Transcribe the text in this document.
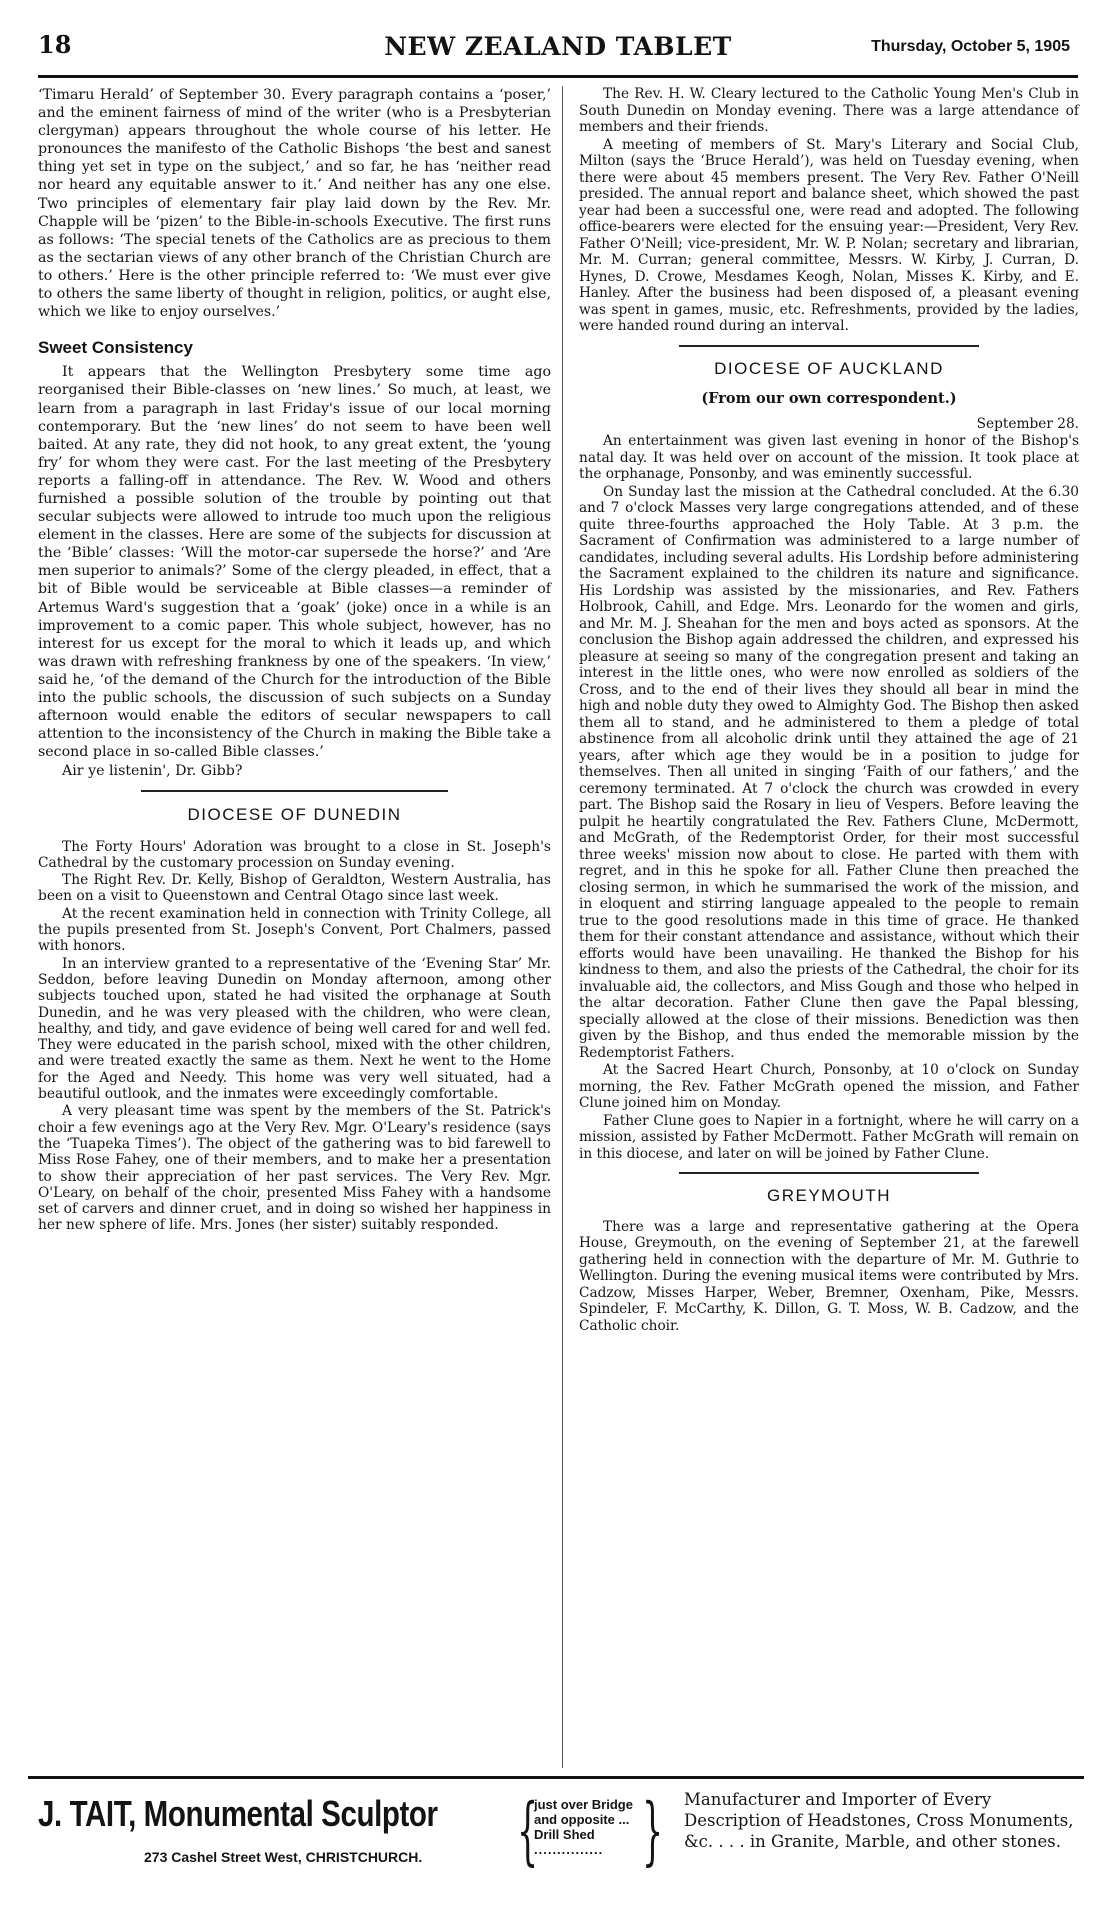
18	NEW ZEALAND TABLET	Thursday, October 5, 1905

‘Timaru Herald’ of September 30. Every paragraph contains a ‘poser,’ and the eminent fairness of mind of the writer (who is a Presbyterian clergyman) appears throughout the whole course of his letter. He pronounces the manifesto of the Catholic Bishops ‘the best and sanest thing yet set in type on the subject,’ and so far, he has ‘neither read nor heard any equitable answer to it.’ And neither has any one else. Two principles of elementary fair play laid down by the Rev. Mr. Chapple will be ‘pizen’ to the Bible-in-schools Executive. The first runs as follows: ‘The special tenets of the Catholics are as precious to them as the sectarian views of any other branch of the Christian Church are to others.’ Here is the other principle referred to: ‘We must ever give to others the same liberty of thought in religion, politics, or aught else, which we like to enjoy ourselves.’

Sweet Consistency

It appears that the Wellington Presbytery some time ago reorganised their Bible-classes on ‘new lines.’ So much, at least, we learn from a paragraph in last Friday's issue of our local morning contemporary. But the ‘new lines’ do not seem to have been well baited. At any rate, they did not hook, to any great extent, the ‘young fry’ for whom they were cast. For the last meeting of the Presbytery reports a falling-off in attendance. The Rev. W. Wood and others furnished a possible solution of the trouble by pointing out that secular subjects were allowed to intrude too much upon the religious element in the classes. Here are some of the subjects for discussion at the ‘Bible’ classes: ‘Will the motor-car supersede the horse?’ and ‘Are men superior to animals?’ Some of the clergy pleaded, in effect, that a bit of Bible would be serviceable at Bible classes—a reminder of Artemus Ward's suggestion that a ‘goak’ (joke) once in a while is an improvement to a comic paper. This whole subject, however, has no interest for us except for the moral to which it leads up, and which was drawn with refreshing frankness by one of the speakers. ‘In view,’ said he, ‘of the demand of the Church for the introduction of the Bible into the public schools, the discussion of such subjects on a Sunday afternoon would enable the editors of secular newspapers to call attention to the inconsistency of the Church in making the Bible take a second place in so-called Bible classes.’

Air ye listenin', Dr. Gibb?

DIOCESE OF DUNEDIN

The Forty Hours' Adoration was brought to a close in St. Joseph's Cathedral by the customary procession on Sunday evening.

The Right Rev. Dr. Kelly, Bishop of Geraldton, Western Australia, has been on a visit to Queenstown and Central Otago since last week.

At the recent examination held in connection with Trinity College, all the pupils presented from St. Joseph's Convent, Port Chalmers, passed with honors.

In an interview granted to a representative of the ‘Evening Star’ Mr. Seddon, before leaving Dunedin on Monday afternoon, among other subjects touched upon, stated he had visited the orphanage at South Dunedin, and he was very pleased with the children, who were clean, healthy, and tidy, and gave evidence of being well cared for and well fed. They were educated in the parish school, mixed with the other children, and were treated exactly the same as them. Next he went to the Home for the Aged and Needy. This home was very well situated, had a beautiful outlook, and the inmates were exceedingly comfortable.

A very pleasant time was spent by the members of the St. Patrick's choir a few evenings ago at the Very Rev. Mgr. O'Leary's residence (says the ‘Tuapeka Times’). The object of the gathering was to bid farewell to Miss Rose Fahey, one of their members, and to make her a presentation to show their appreciation of her past services. The Very Rev. Mgr. O'Leary, on behalf of the choir, presented Miss Fahey with a handsome set of carvers and dinner cruet, and in doing so wished her happiness in her new sphere of life. Mrs. Jones (her sister) suitably responded.

The Rev. H. W. Cleary lectured to the Catholic Young Men's Club in South Dunedin on Monday evening. There was a large attendance of members and their friends.

A meeting of members of St. Mary's Literary and Social Club, Milton (says the ‘Bruce Herald’), was held on Tuesday evening, when there were about 45 members present. The Very Rev. Father O'Neill presided. The annual report and balance sheet, which showed the past year had been a successful one, were read and adopted. The following office-bearers were elected for the ensuing year:—President, Very Rev. Father O'Neill; vice-president, Mr. W. P. Nolan; secretary and librarian, Mr. M. Curran; general committee, Messrs. W. Kirby, J. Curran, D. Hynes, D. Crowe, Mesdames Keogh, Nolan, Misses K. Kirby, and E. Hanley. After the business had been disposed of, a pleasant evening was spent in games, music, etc. Refreshments, provided by the ladies, were handed round during an interval.

DIOCESE OF AUCKLAND
(From our own correspondent.)

September 28.

An entertainment was given last evening in honor of the Bishop's natal day. It was held over on account of the mission. It took place at the orphanage, Ponsonby, and was eminently successful.

On Sunday last the mission at the Cathedral concluded. At the 6.30 and 7 o'clock Masses very large congregations attended, and of these quite three-fourths approached the Holy Table. At 3 p.m. the Sacrament of Confirmation was administered to a large number of candidates, including several adults. His Lordship before administering the Sacrament explained to the children its nature and significance. His Lordship was assisted by the missionaries, and Rev. Fathers Holbrook, Cahill, and Edge. Mrs. Leonardo for the women and girls, and Mr. M. J. Sheahan for the men and boys acted as sponsors. At the conclusion the Bishop again addressed the children, and expressed his pleasure at seeing so many of the congregation present and taking an interest in the little ones, who were now enrolled as soldiers of the Cross, and to the end of their lives they should all bear in mind the high and noble duty they owed to Almighty God. The Bishop then asked them all to stand, and he administered to them a pledge of total abstinence from all alcoholic drink until they attained the age of 21 years, after which age they would be in a position to judge for themselves. Then all united in singing ‘Faith of our fathers,’ and the ceremony terminated. At 7 o'clock the church was crowded in every part. The Bishop said the Rosary in lieu of Vespers. Before leaving the pulpit he heartily congratulated the Rev. Fathers Clune, McDermott, and McGrath, of the Redemptorist Order, for their most successful three weeks' mission now about to close. He parted with them with regret, and in this he spoke for all. Father Clune then preached the closing sermon, in which he summarised the work of the mission, and in eloquent and stirring language appealed to the people to remain true to the good resolutions made in this time of grace. He thanked them for their constant attendance and assistance, without which their efforts would have been unavailing. He thanked the Bishop for his kindness to them, and also the priests of the Cathedral, the choir for its invaluable aid, the collectors, and Miss Gough and those who helped in the altar decoration. Father Clune then gave the Papal blessing, specially allowed at the close of their missions. Benediction was then given by the Bishop, and thus ended the memorable mission by the Redemptorist Fathers.

At the Sacred Heart Church, Ponsonby, at 10 o'clock on Sunday morning, the Rev. Father McGrath opened the mission, and Father Clune joined him on Monday.

Father Clune goes to Napier in a fortnight, where he will carry on a mission, assisted by Father McDermott. Father McGrath will remain on in this diocese, and later on will be joined by Father Clune.

GREYMOUTH

There was a large and representative gathering at the Opera House, Greymouth, on the evening of September 21, at the farewell gathering held in connection with the departure of Mr. M. Guthrie to Wellington. During the evening musical items were contributed by Mrs. Cadzow, Misses Harper, Weber, Bremner, Oxenham, Pike, Messrs. Spindeler, F. McCarthy, K. Dillon, G. T. Moss, W. B. Cadzow, and the Catholic choir.

J. TAIT, Monumental Sculptor
273 Cashel Street West, CHRISTCHURCH. {
just over Bridge
and opposite ...
Drill Shed
............... } Manufacturer and Importer of Every Description of Headstones, Cross Monuments, &c. . . . in Granite, Marble, and other stones.
